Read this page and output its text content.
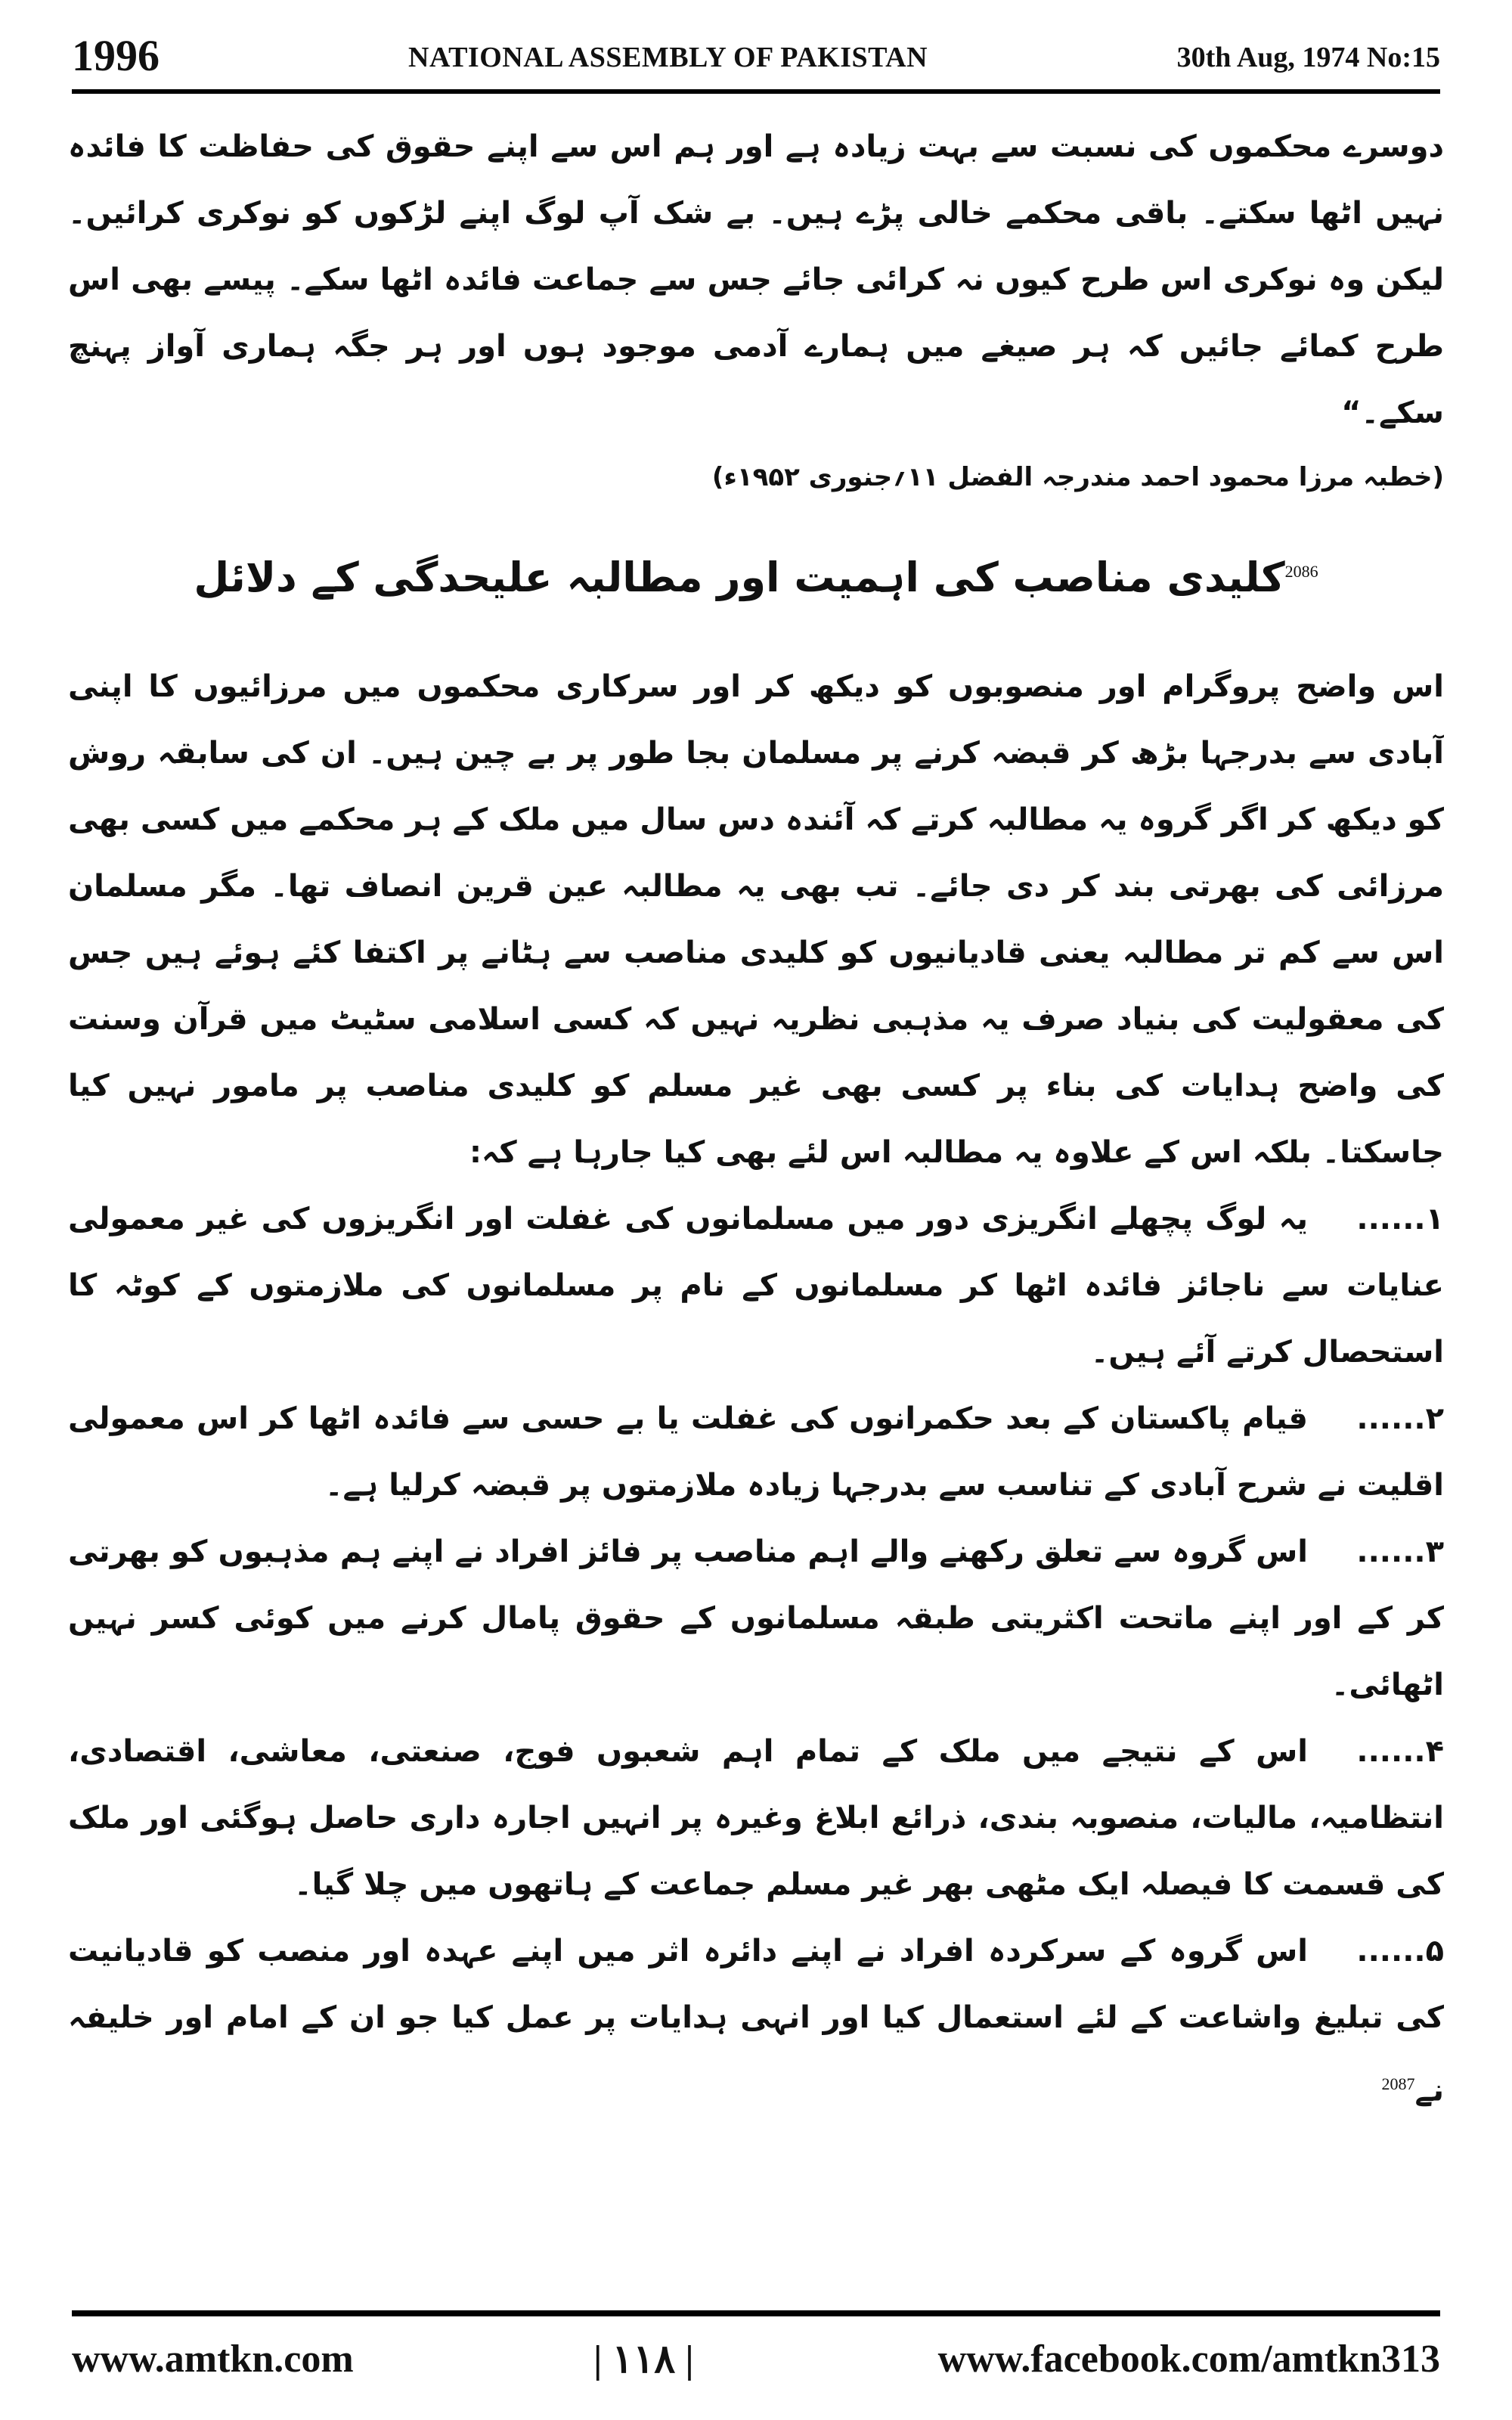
1996	NATIONAL ASSEMBLY OF PAKISTAN	30th Aug, 1974 No:15

دوسرے محکموں کی نسبت سے بہت زیادہ ہے اور ہم اس سے اپنے حقوق کی حفاظت کا فائدہ نہیں اٹھا سکتے۔ باقی محکمے خالی پڑے ہیں۔ بے شک آپ لوگ اپنے لڑکوں کو نوکری کرائیں۔ لیکن وہ نوکری اس طرح کیوں نہ کرائی جائے جس سے جماعت فائدہ اٹھا سکے۔ پیسے بھی اس طرح کمائے جائیں کہ ہر صیغے میں ہمارے آدمی موجود ہوں اور ہر جگہ ہماری آواز پہنچ سکے۔“

(خطبہ مرزا محمود احمد مندرجہ الفضل ۱۱؍جنوری ۱۹۵۲ء)

$^{2086}$کلیدی مناصب کی اہمیت اور مطالبہ علیحدگی کے دلائل

اس واضح پروگرام اور منصوبوں کو دیکھ کر اور سرکاری محکموں میں مرزائیوں کا اپنی آبادی سے بدرجہا بڑھ کر قبضہ کرنے پر مسلمان بجا طور پر بے چین ہیں۔ ان کی سابقہ روش کو دیکھ کر اگر گروہ یہ مطالبہ کرتے کہ آئندہ دس سال میں ملک کے ہر محکمے میں کسی بھی مرزائی کی بھرتی بند کر دی جائے۔ تب بھی یہ مطالبہ عین قرین انصاف تھا۔ مگر مسلمان اس سے کم تر مطالبہ یعنی قادیانیوں کو کلیدی مناصب سے ہٹانے پر اکتفا کئے ہوئے ہیں جس کی معقولیت کی بنیاد صرف یہ مذہبی نظریہ نہیں کہ کسی اسلامی سٹیٹ میں قرآن وسنت کی واضح ہدایات کی بناء پر کسی بھی غیر مسلم کو کلیدی مناصب پر مامور نہیں کیا جاسکتا۔ بلکہ اس کے علاوہ یہ مطالبہ اس لئے بھی کیا جارہا ہے کہ:

۱......یہ لوگ پچھلے انگریزی دور میں مسلمانوں کی غفلت اور انگریزوں کی غیر معمولی عنایات سے ناجائز فائدہ اٹھا کر مسلمانوں کے نام پر مسلمانوں کی ملازمتوں کے کوٹہ کا استحصال کرتے آئے ہیں۔

۲......قیام پاکستان کے بعد حکمرانوں کی غفلت یا بے حسی سے فائدہ اٹھا کر اس معمولی اقلیت نے شرح آبادی کے تناسب سے بدرجہا زیادہ ملازمتوں پر قبضہ کرلیا ہے۔

۳......اس گروہ سے تعلق رکھنے والے اہم مناصب پر فائز افراد نے اپنے ہم مذہبوں کو بھرتی کر کے اور اپنے ماتحت اکثریتی طبقہ مسلمانوں کے حقوق پامال کرنے میں کوئی کسر نہیں اٹھائی۔

۴......اس کے نتیجے میں ملک کے تمام اہم شعبوں فوج، صنعتی، معاشی، اقتصادی، انتظامیہ، مالیات، منصوبہ بندی، ذرائع ابلاغ وغیرہ پر انہیں اجارہ داری حاصل ہوگئی اور ملک کی قسمت کا فیصلہ ایک مٹھی بھر غیر مسلم جماعت کے ہاتھوں میں چلا گیا۔

۵......اس گروہ کے سرکردہ افراد نے اپنے دائرہ اثر میں اپنے عہدہ اور منصب کو قادیانیت کی تبلیغ واشاعت کے لئے استعمال کیا اور انہی ہدایات پر عمل کیا جو ان کے امام اور خلیفہ نے$^{2087}$

www.amtkn.com	| ۱۱۸ |	www.facebook.com/amtkn313
